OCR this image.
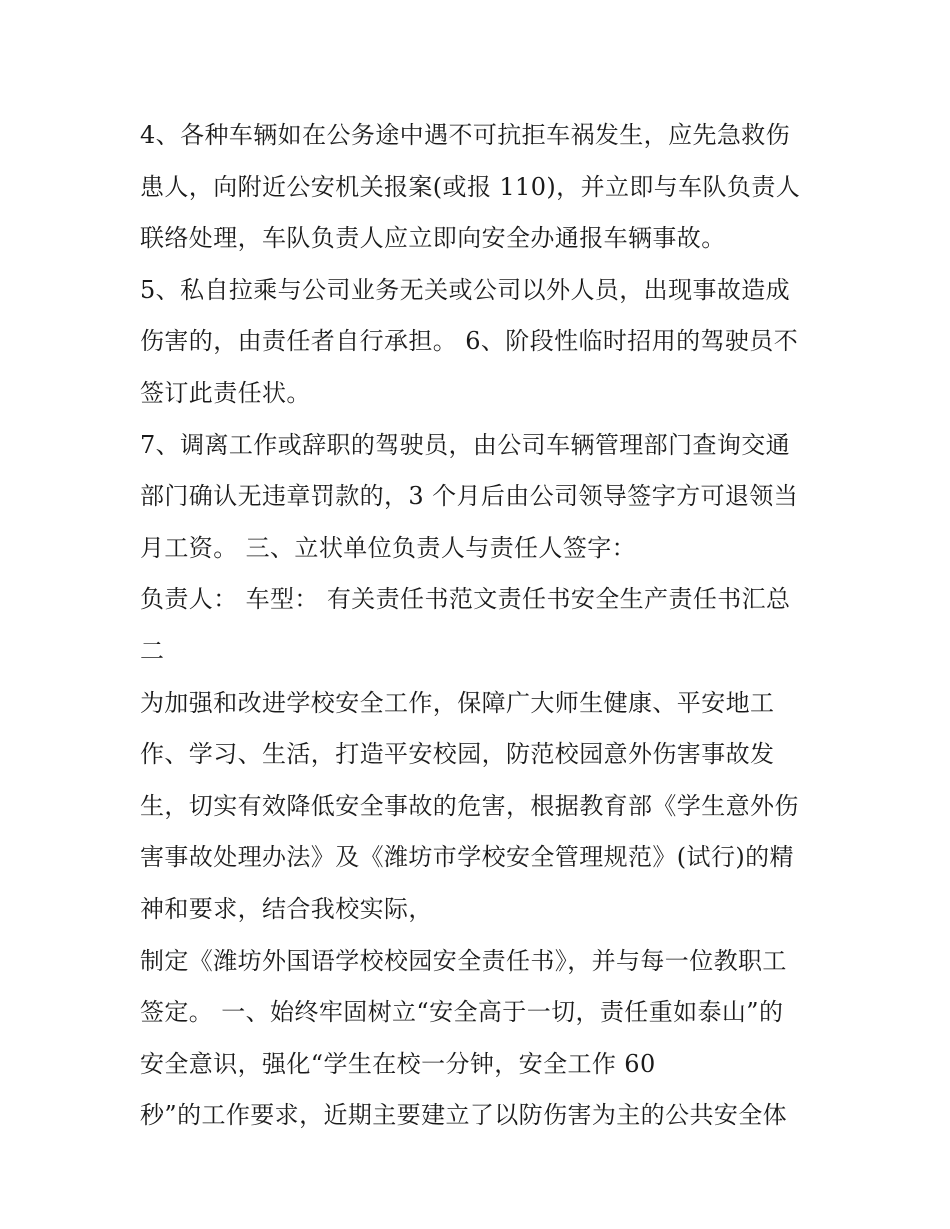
4、各种车辆如在公务途中遇不可抗拒车祸发生，应先急救伤
患人，向附近公安机关报案(或报 110)，并立即与车队负责人
联络处理，车队负责人应立即向安全办通报车辆事故。
5、私自拉乘与公司业务无关或公司以外人员，出现事故造成
伤害的，由责任者自行承担。 6、阶段性临时招用的驾驶员不
签订此责任状。
7、调离工作或辞职的驾驶员，由公司车辆管理部门查询交通
部门确认无违章罚款的，3 个月后由公司领导签字方可退领当
月工资。 三、立状单位负责人与责任人签字：
负责人： 车型： 有关责任书范文责任书安全生产责任书汇总
二
为加强和改进学校安全工作，保障广大师生健康、平安地工
作、学习、生活，打造平安校园，防范校园意外伤害事故发
生，切实有效降低安全事故的危害，根据教育部《学生意外伤
害事故处理办法》及《潍坊市学校安全管理规范》(试行)的精
神和要求，结合我校实际，
制定《潍坊外国语学校校园安全责任书》，并与每一位教职工
签定。 一、始终牢固树立“安全高于一切，责任重如泰山”的
安全意识，强化“学生在校一分钟，安全工作 60
秒”的工作要求，近期主要建立了以防伤害为主的公共安全体
